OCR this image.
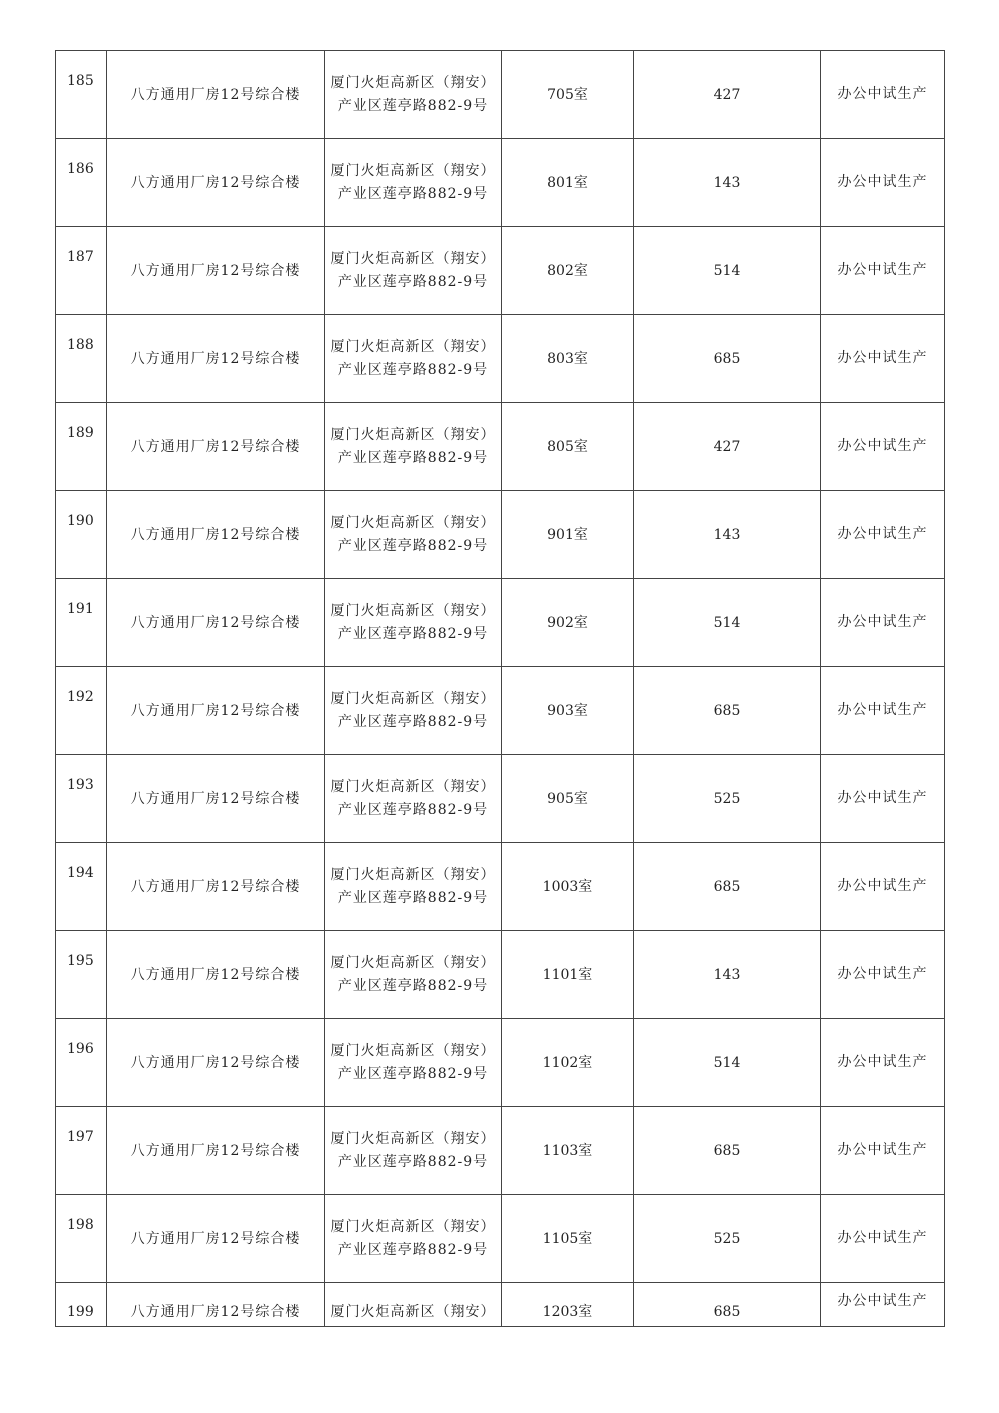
185	八方通用厂房12号综合楼	厦门火炬高新区（翔安）
产业区莲亭路882-9号	705室	427	办公中试生产

186	八方通用厂房12号综合楼	厦门火炬高新区（翔安）
产业区莲亭路882-9号	801室	143	办公中试生产

187	八方通用厂房12号综合楼	厦门火炬高新区（翔安）
产业区莲亭路882-9号	802室	514	办公中试生产

188	八方通用厂房12号综合楼	厦门火炬高新区（翔安）
产业区莲亭路882-9号	803室	685	办公中试生产

189	八方通用厂房12号综合楼	厦门火炬高新区（翔安）
产业区莲亭路882-9号	805室	427	办公中试生产

190	八方通用厂房12号综合楼	厦门火炬高新区（翔安）
产业区莲亭路882-9号	901室	143	办公中试生产

191	八方通用厂房12号综合楼	厦门火炬高新区（翔安）
产业区莲亭路882-9号	902室	514	办公中试生产

192	八方通用厂房12号综合楼	厦门火炬高新区（翔安）
产业区莲亭路882-9号	903室	685	办公中试生产

193	八方通用厂房12号综合楼	厦门火炬高新区（翔安）
产业区莲亭路882-9号	905室	525	办公中试生产

194	八方通用厂房12号综合楼	厦门火炬高新区（翔安）
产业区莲亭路882-9号	1003室	685	办公中试生产

195	八方通用厂房12号综合楼	厦门火炬高新区（翔安）
产业区莲亭路882-9号	1101室	143	办公中试生产

196	八方通用厂房12号综合楼	厦门火炬高新区（翔安）
产业区莲亭路882-9号	1102室	514	办公中试生产

197	八方通用厂房12号综合楼	厦门火炬高新区（翔安）
产业区莲亭路882-9号	1103室	685	办公中试生产

198	八方通用厂房12号综合楼	厦门火炬高新区（翔安）
产业区莲亭路882-9号	1105室	525	办公中试生产

199	八方通用厂房12号综合楼	厦门火炬高新区（翔安）	1203室	685	办公中试生产
